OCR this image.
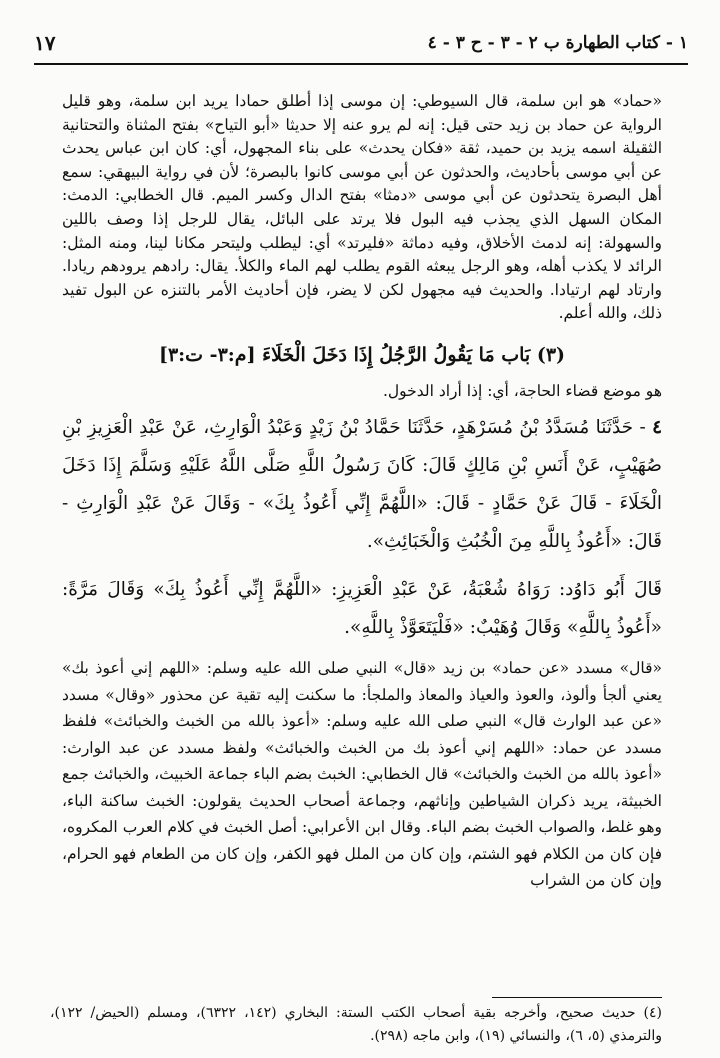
١ - كتاب الطهارة ب ٢ - ٣ - ح ٣ - ٤
١٧

«حماد» هو ابن سلمة، قال السيوطي: إن موسى إذا أطلق حمادا يريد ابن سلمة، وهو قليل الرواية عن حماد بن زيد حتى قيل: إنه لم يرو عنه إلا حديثا «أبو التياح» بفتح المثناة والتحتانية الثقيلة اسمه يزيد بن حميد، ثقة «فكان يحدث» على بناء المجهول، أي: كان ابن عباس يحدث عن أبي موسى بأحاديث، والحدثون عن أبي موسى كانوا بالبصرة؛ لأن في رواية البيهقي: سمع أهل البصرة يتحدثون عن أبي موسى «دمثا» بفتح الدال وكسر الميم. قال الخطابي: الدمث: المكان السهل الذي يجذب فيه البول فلا يرتد على البائل، يقال للرجل إذا وصف باللين والسهولة: إنه لدمث الأخلاق، وفيه دماثة «فليرتد» أي: ليطلب وليتحر مكانا لينا، ومنه المثل: الرائد لا يكذب أهله، وهو الرجل يبعثه القوم يطلب لهم الماء والكلأ. يقال: رادهم يرودهم ريادا. وارتاد لهم ارتيادا. والحديث فيه مجهول لكن لا يضر، فإن أحاديث الأمر بالتنزه عن البول تفيد ذلك، والله أعلم.

(٣) بَاب مَا يَقُولُ الرَّجُلُ إِذَا دَخَلَ الْخَلَاءَ [م:٣- ت:٣]
هو موضع قضاء الحاجة، أي: إذا أراد الدخول.
٤ - حَدَّثَنَا مُسَدَّدُ بْنُ مُسَرْهَدٍ، حَدَّثَنَا حَمَّادُ بْنُ زَيْدٍ وَعَبْدُ الْوَارِثِ، عَنْ عَبْدِ الْعَزِيزِ بْنِ صُهَيْبٍ، عَنْ أَنَسِ بْنِ مَالِكٍ قَالَ: كَانَ رَسُولُ اللَّهِ صَلَّى اللَّهُ عَلَيْهِ وَسَلَّمَ إِذَا دَخَلَ الْخَلَاءَ - قَالَ عَنْ حَمَّادٍ - قَالَ: «اللَّهُمَّ إِنِّي أَعُوذُ بِكَ» - وَقَالَ عَنْ عَبْدِ الْوَارِثِ - قَالَ: «أَعُوذُ بِاللَّهِ مِنَ الْخُبُثِ وَالْخَبَائِثِ».
قَالَ أَبُو دَاوُد: رَوَاهُ شُعْبَةُ، عَنْ عَبْدِ الْعَزِيزِ: «اللَّهُمَّ إِنِّي أَعُوذُ بِكَ» وَقَالَ مَرَّةً: «أَعُوذُ بِاللَّهِ» وَقَالَ وُهَيْبٌ: «فَلْيَتَعَوَّذْ بِاللَّهِ».
«قال» مسدد «عن حماد» بن زيد «قال» النبي صلى الله عليه وسلم: «اللهم إني أعوذ بك» يعني ألجأ وألوذ، والعوذ والعياذ والمعاذ والملجأ: ما سكنت إليه تقية عن محذور «وقال» مسدد «عن عبد الوارث قال» النبي صلى الله عليه وسلم: «أعوذ بالله من الخبث والخبائث» فلفظ مسدد عن حماد: «اللهم إني أعوذ بك من الخبث والخبائث» ولفظ مسدد عن عبد الوارث: «أعوذ بالله من الخبث والخبائث» قال الخطابي: الخبث بضم الباء جماعة الخبيث، والخبائث جمع الخبيثة، يريد ذكران الشياطين وإناثهم، وجماعة أصحاب الحديث يقولون: الخبث ساكنة الباء، وهو غلط، والصواب الخبث بضم الباء. وقال ابن الأعرابي: أصل الخبث في كلام العرب المكروه، فإن كان من الكلام فهو الشتم، وإن كان من الملل فهو الكفر، وإن كان من الطعام فهو الحرام، وإن كان من الشراب
(٤) حديث صحيح، وأخرجه بقية أصحاب الكتب الستة: البخاري (١٤٢، ٦٣٢٢)، ومسلم (الحيض/ ١٢٢)، والترمذي (٥، ٦)، والنسائي (١٩)، وابن ماجه (٢٩٨).
